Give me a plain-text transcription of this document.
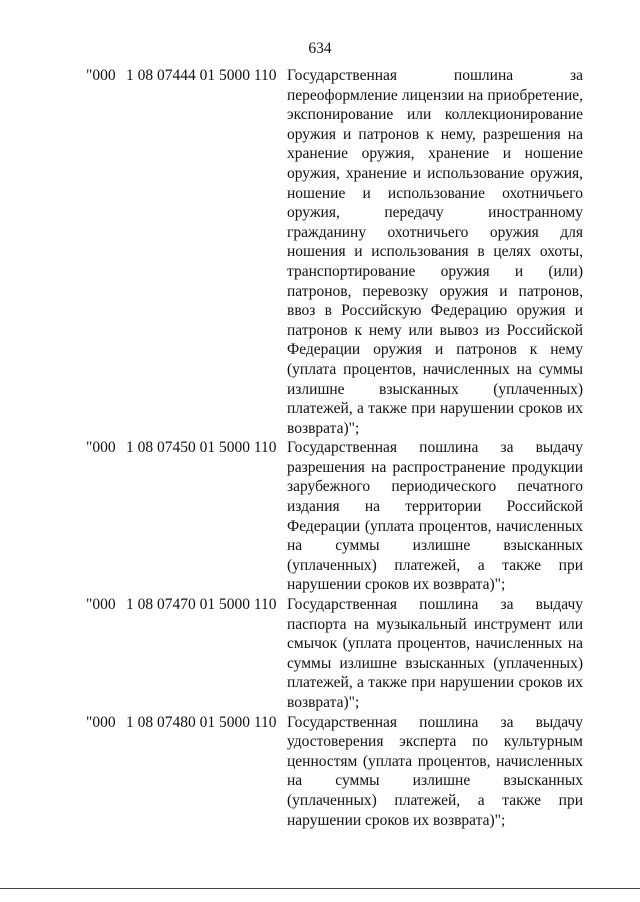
634
"000 1 08 07444 01 5000 110 Государственная пошлина за переоформление лицензии на приобретение, экспонирование или коллекционирование оружия и патронов к нему, разрешения на хранение оружия, хранение и ношение оружия, хранение и использование оружия, ношение и использование охотничьего оружия, передачу иностранному гражданину охотничьего оружия для ношения и использования в целях охоты, транспортирование оружия и (или) патронов, перевозку оружия и патронов, ввоз в Российскую Федерацию оружия и патронов к нему или вывоз из Российской Федерации оружия и патронов к нему (уплата процентов, начисленных на суммы излишне взысканных (уплаченных) платежей, а также при нарушении сроков их возврата)";
"000 1 08 07450 01 5000 110 Государственная пошлина за выдачу разрешения на распространение продукции зарубежного периодического печатного издания на территории Российской Федерации (уплата процентов, начисленных на суммы излишне взысканных (уплаченных) платежей, а также при нарушении сроков их возврата)";
"000 1 08 07470 01 5000 110 Государственная пошлина за выдачу паспорта на музыкальный инструмент или смычок (уплата процентов, начисленных на суммы излишне взысканных (уплаченных) платежей, а также при нарушении сроков их возврата)";
"000 1 08 07480 01 5000 110 Государственная пошлина за выдачу удостоверения эксперта по культурным ценностям (уплата процентов, начисленных на суммы излишне взысканных (уплаченных) платежей, а также при нарушении сроков их возврата)";
